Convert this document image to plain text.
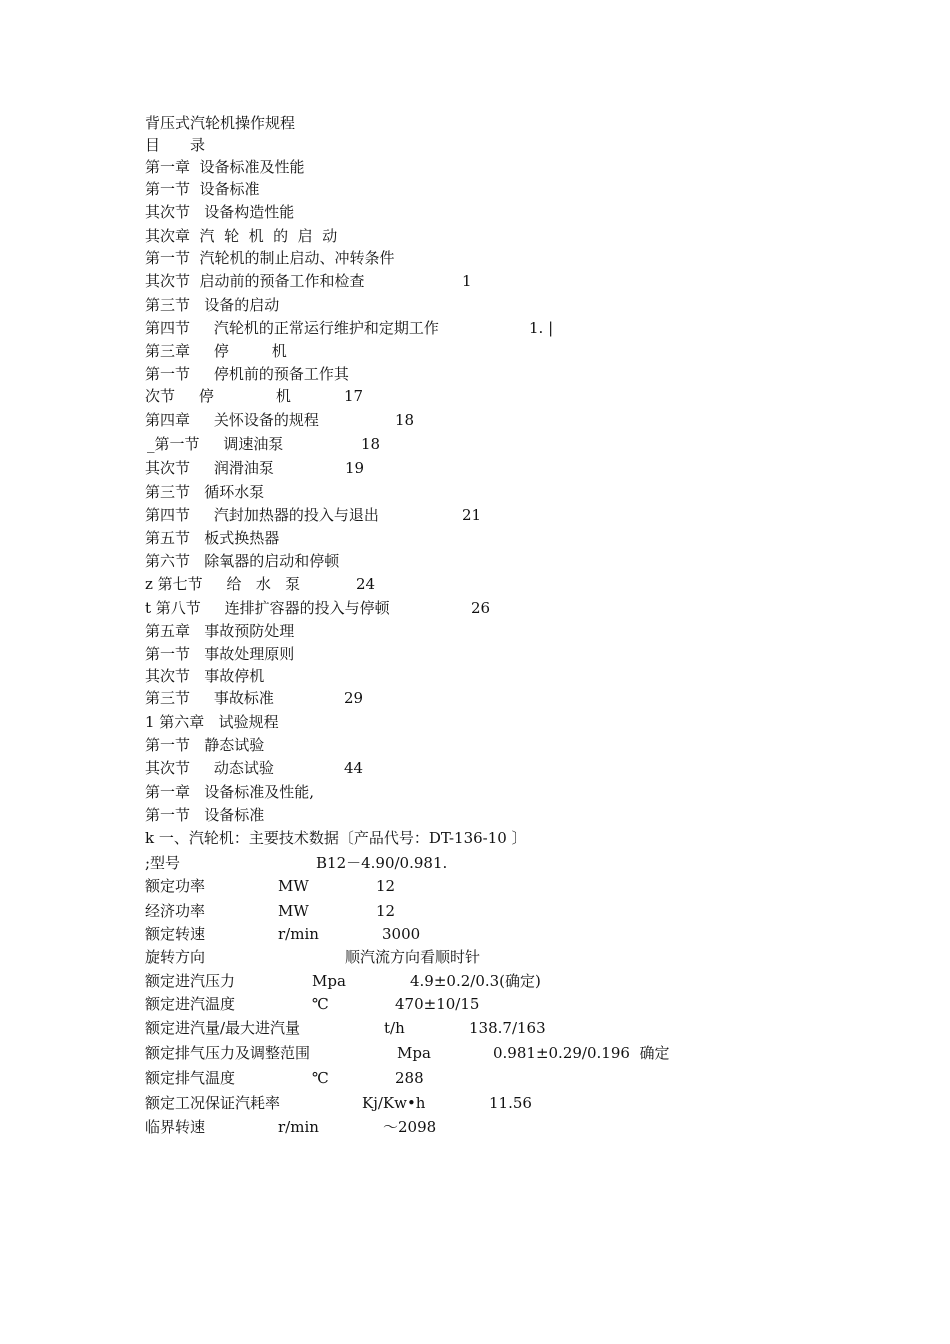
背压式汽轮机操作规程
目　　录
第一章  设备标准及性能
第一节  设备标准
其次节   设备构造性能
其次章  汽  轮  机  的  启  动
第一节  汽轮机的制止启动、冲转条件
其次节  启动前的预备工作和检查	1
第三节   设备的启动
第四节     汽轮机的正常运行维护和定期工作	1. |
第三章     停         机
第一节     停机前的预备工作其
次节     停             机	17
第四章     关怀设备的规程	18
_第一节     调速油泵	18
其次节     润滑油泵	19
第三节   循环水泵
第四节     汽封加热器的投入与退出	21
第五节   板式换热器
第六节   除氧器的启动和停顿
z 第七节     给   水   泵	24
t 第八节     连排扩容器的投入与停顿	26
第五章   事故预防处理
第一节   事故处理原则
其次节   事故停机
第三节     事故标准	29
1 第六章   试验规程
第一节   静态试验
其次节     动态试验	44
第一章   设备标准及性能,
第一节   设备标准
k 一、汽轮机：主要技术数据〔产品代号：DT-136-10 〕
;型号	B12－4.90/0.981.
额定功率	MW	12
经济功率	MW	12
额定转速	r/min	3000
旋转方向	顺汽流方向看顺时针
额定进汽压力	Mpa	4.9±0.2/0.3(确定)
额定进汽温度	℃	470±10/15
额定进汽量/最大进汽量	t/h	138.7/163
额定排气压力及调整范围	Mpa	0.981±0.29/0.196  确定
额定排气温度	℃	288
额定工况保证汽耗率	Kj/Kw•h	11.56
临界转速	r/min	～2098
